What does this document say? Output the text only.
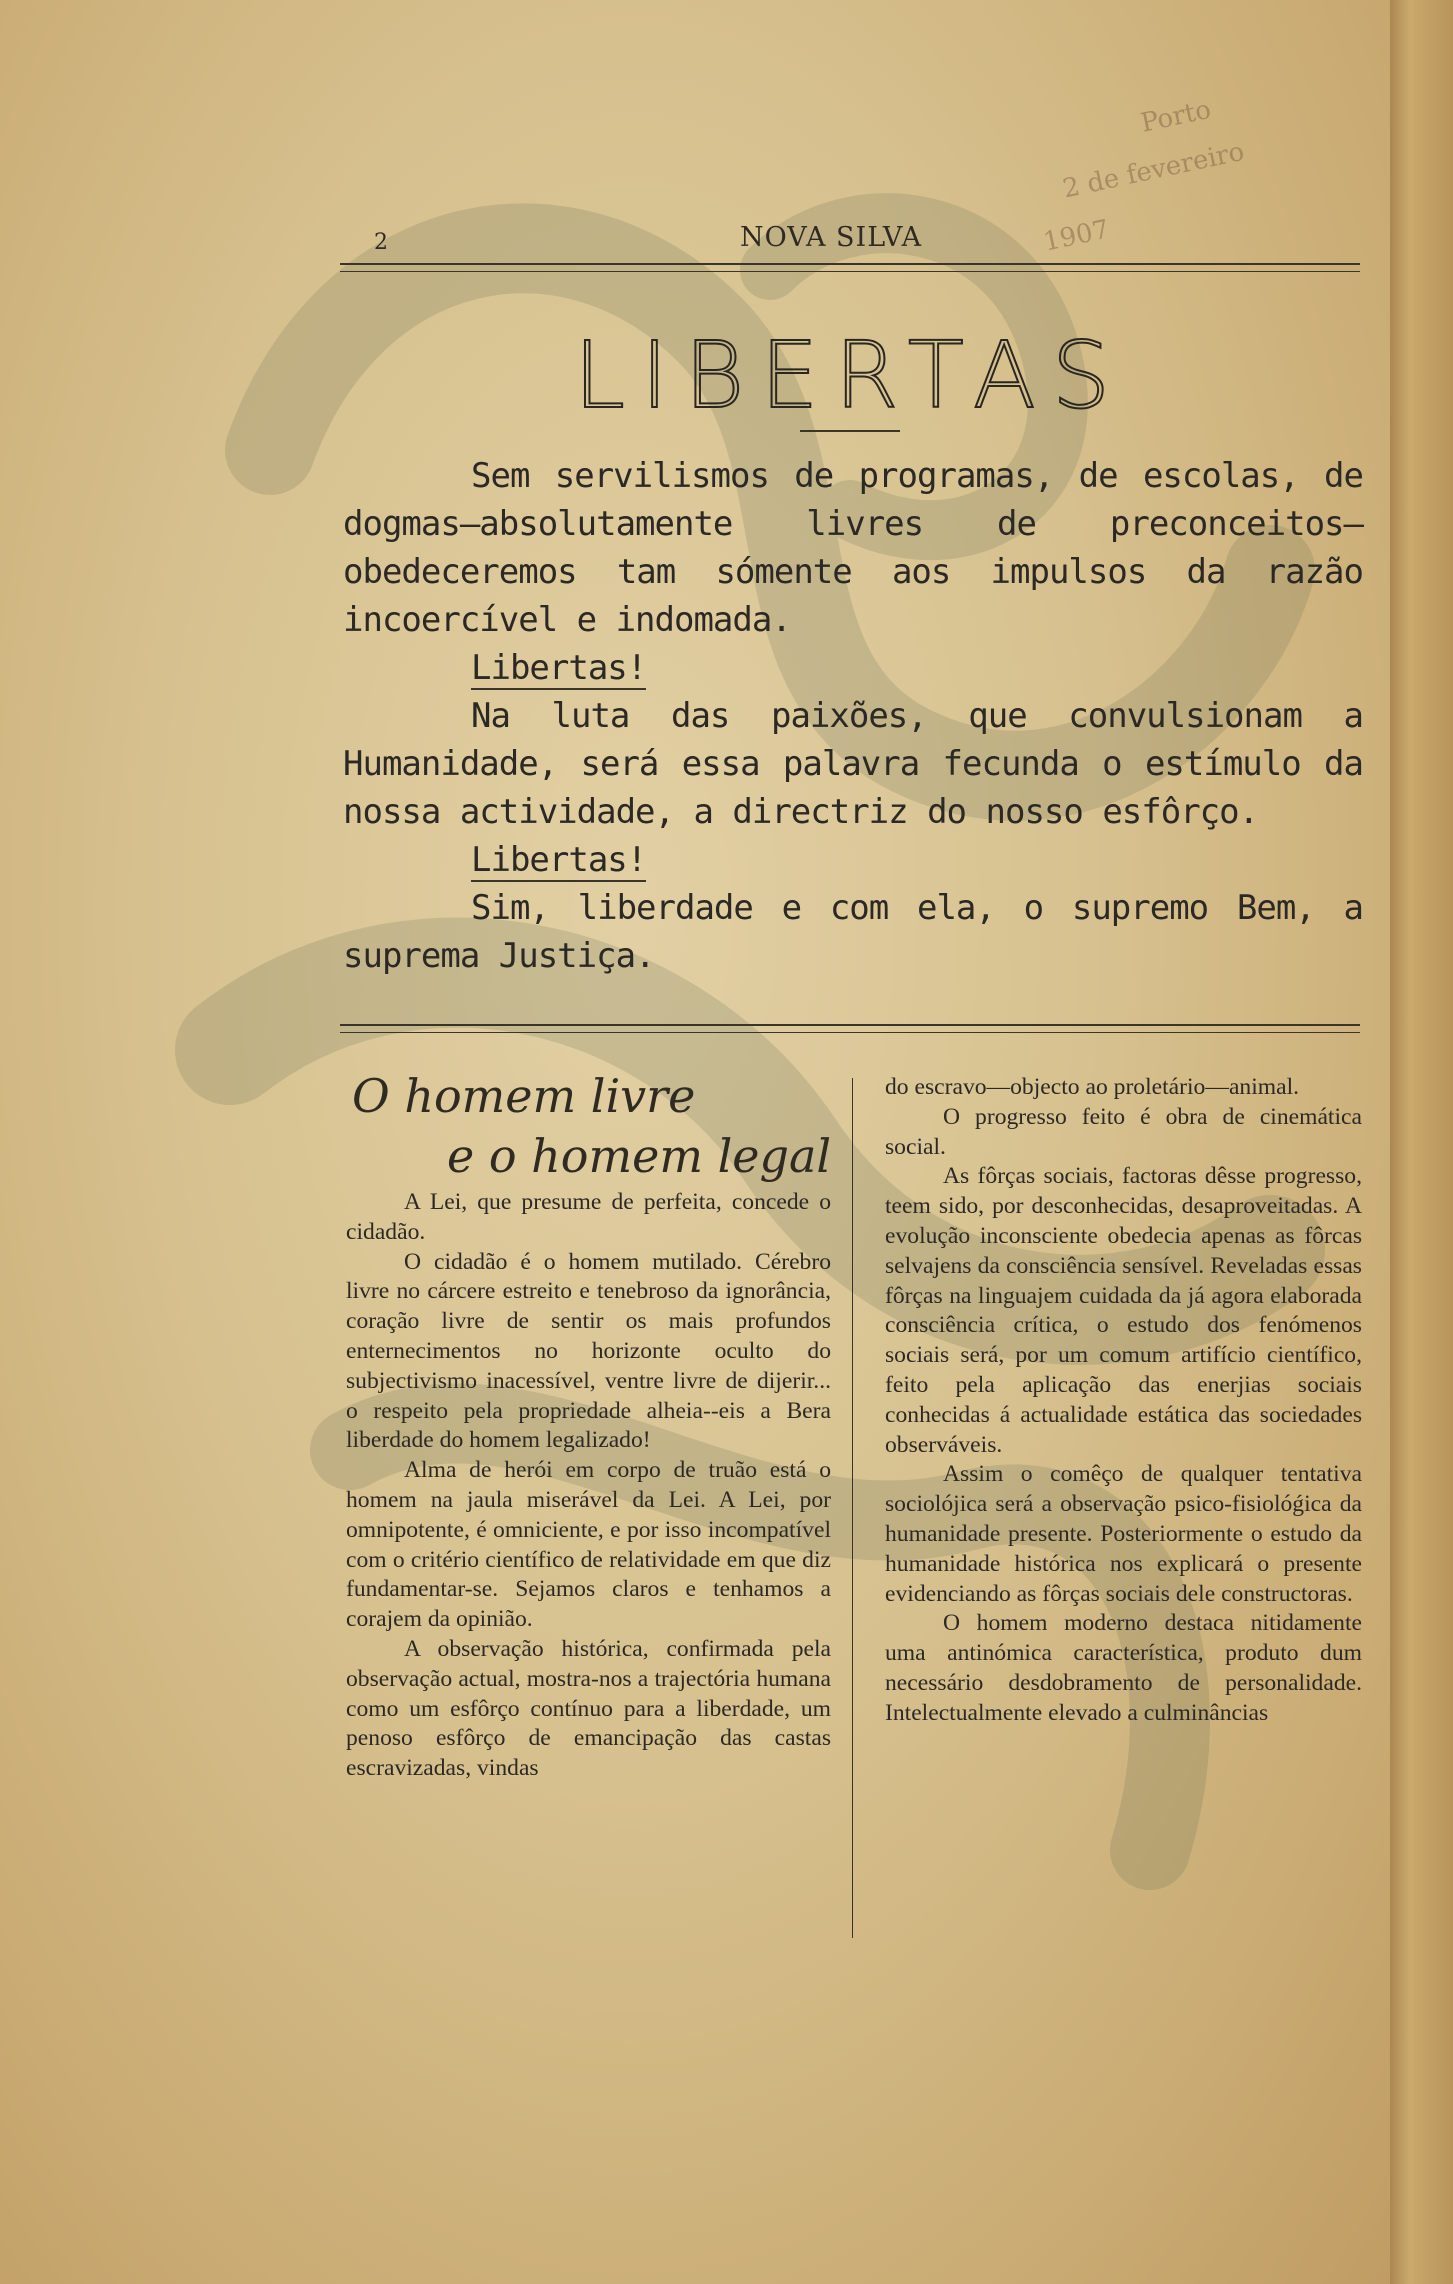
Porto
2 de fevereiro
1907
2	NOVA SILVA
LIBERTAS

Sem servilismos de programas, de escolas, de dogmas—absolutamente livres de preconceitos—obedeceremos tam sómente aos impulsos da razão incoercível e indomada.

Libertas!

Na luta das paixões, que convulsionam a Humanidade, será essa palavra fecunda o estímulo da nossa actividade, a directriz do nosso esfôrço.

Libertas!

Sim, liberdade e com ela, o supremo Bem, a suprema Justiça.

O homem livre
e o homem legal

A Lei, que presume de perfeita, concede o cidadão.

O cidadão é o homem mutilado. Cérebro livre no cárcere estreito e tenebroso da ignorância, coração livre de sentir os mais profundos enternecimentos no horizonte oculto do subjectivismo inacessível, ventre livre de dijerir... o respeito pela propriedade alheia--eis a Bera liberdade do homem legalizado!

Alma de herói em corpo de truão está o homem na jaula miserável da Lei. A Lei, por omnipotente, é omniciente, e por isso incompatível com o critério científico de relatividade em que diz fundamentar-se. Sejamos claros e tenhamos a corajem da opinião.

A observação histórica, confirmada pela observação actual, mostra-nos a trajectória humana como um esfôrço contínuo para a liberdade, um penoso esfôrço de emancipação das castas escravizadas, vindas

do escravo—objecto ao proletário—animal.

O progresso feito é obra de cinemática social.

As fôrças sociais, factoras dêsse progresso, teem sido, por desconhecidas, desaproveitadas. A evolução inconsciente obedecia apenas as fôrcas selvajens da consciência sensível. Reveladas essas fôrças na linguajem cuidada da já agora elaborada consciência crítica, o estudo dos fenómenos sociais será, por um comum artifício científico, feito pela aplicação das enerjias sociais conhecidas á actualidade estática das sociedades observáveis.

Assim o comêço de qualquer tentativa sociolójica será a observação psico-fisiolóǵica da humanidade presente. Posteriormente o estudo da humanidade histórica nos explicará o presente evidenciando as fôrças sociais dele constructoras.

O homem moderno destaca nitidamente uma antinómica característica, produto dum necessário desdobramento de personalidade. Intelectualmente elevado a culminâncias
